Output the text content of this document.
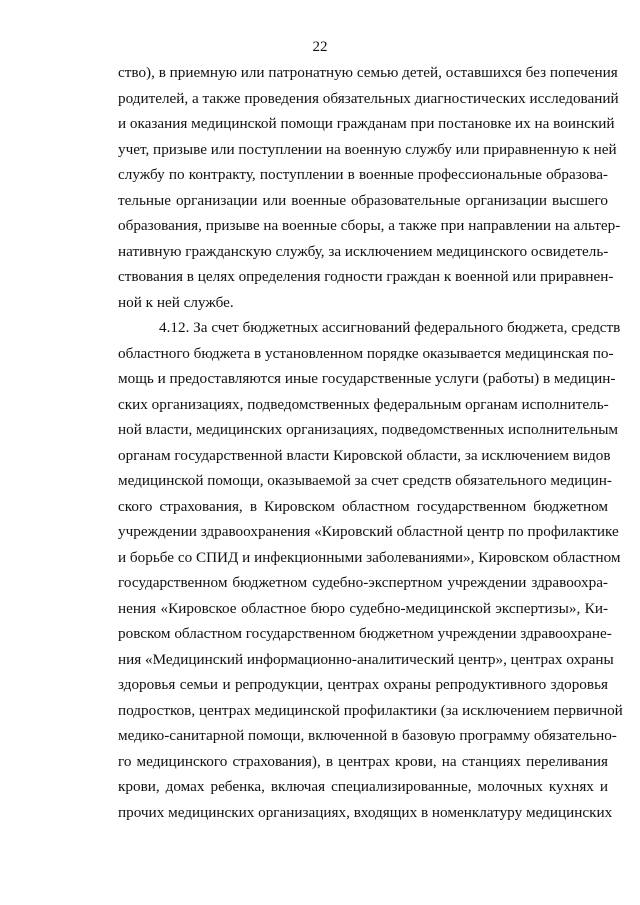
22
ство), в приемную или патронатную семью детей, оставшихся без попечения
родителей, а также проведения обязательных диагностических исследований
и оказания медицинской помощи гражданам при постановке их на воинский
учет, призыве или поступлении на военную службу или приравненную к ней
службу по контракту, поступлении в военные профессиональные образова-
тельные организации или военные образовательные организации высшего
образования, призыве на военные сборы, а также при направлении на альтер-
нативную гражданскую службу, за исключением медицинского освидетель-
ствования в целях определения годности граждан к военной или приравнен-
ной к ней службе.
4.12. За счет бюджетных ассигнований федерального бюджета, средств
областного бюджета в установленном порядке оказывается медицинская по-
мощь и предоставляются иные государственные услуги (работы) в медицин-
ских организациях, подведомственных федеральным органам исполнитель-
ной власти, медицинских организациях, подведомственных исполнительным
органам государственной власти Кировской области, за исключением видов
медицинской помощи, оказываемой за счет средств обязательного медицин-
ского страхования, в Кировском областном государственном бюджетном
учреждении здравоохранения «Кировский областной центр по профилактике
и борьбе со СПИД и инфекционными заболеваниями», Кировском областном
государственном бюджетном судебно-экспертном учреждении здравоохра-
нения «Кировское областное бюро судебно-медицинской экспертизы», Ки-
ровском областном государственном бюджетном учреждении здравоохране-
ния «Медицинский информационно-аналитический центр», центрах охраны
здоровья семьи и репродукции, центрах охраны репродуктивного здоровья
подростков, центрах медицинской профилактики (за исключением первичной
медико-санитарной помощи, включенной в базовую программу обязательно-
го медицинского страхования), в центрах крови, на станциях переливания
крови, домах ребенка, включая специализированные, молочных кухнях и
прочих медицинских организациях, входящих в номенклатуру медицинских
